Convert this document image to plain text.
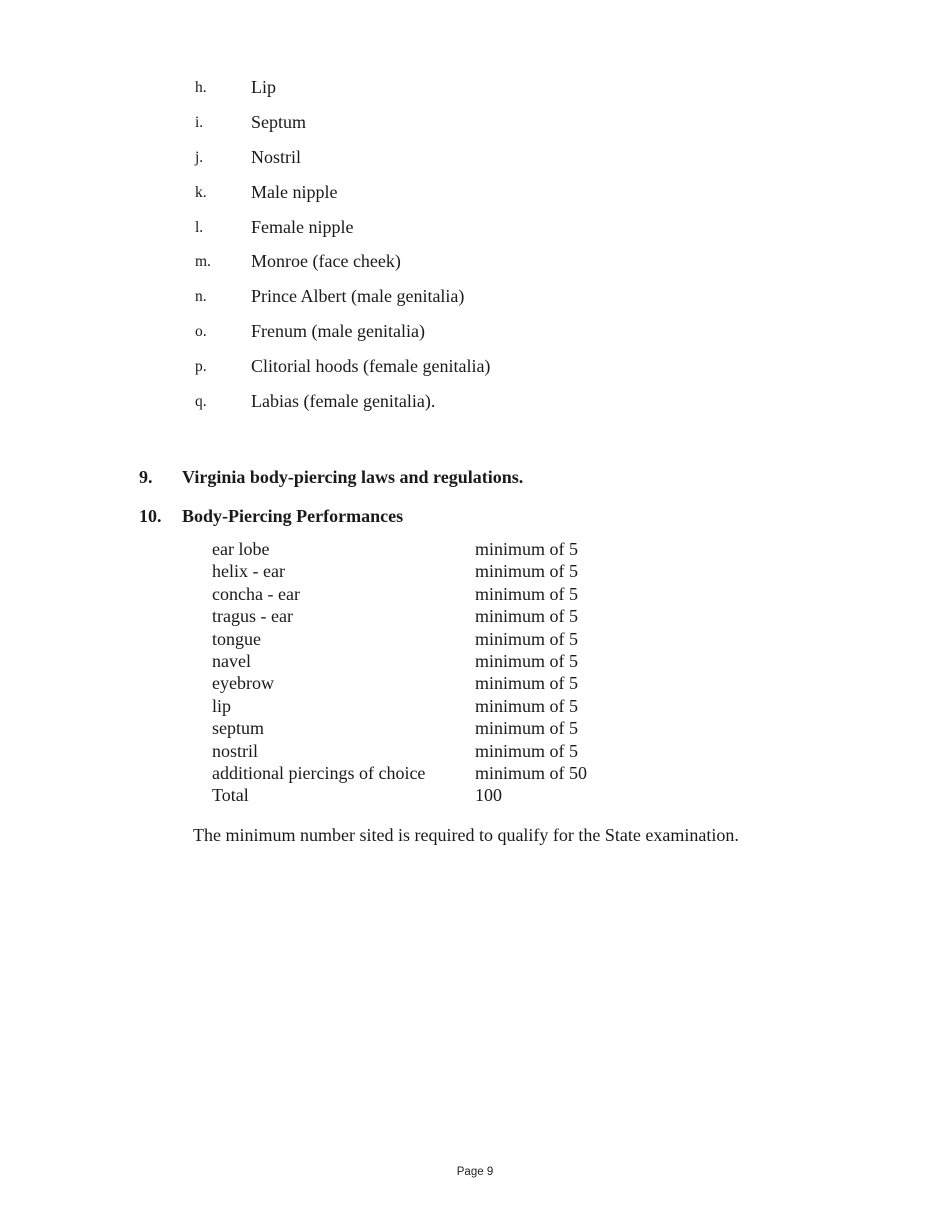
h. Lip
i.	Septum
j.	Nostril
k. Male nipple
l.	Female nipple
m. Monroe (face cheek)
n. Prince Albert (male genitalia)
o. Frenum (male genitalia)
p. Clitorial hoods (female genitalia)
q. Labias (female genitalia).
9. Virginia body-piercing laws and regulations.
10. Body-Piercing Performances
ear lobe	minimum of 5
helix - ear	minimum of 5
concha - ear	minimum of 5
tragus - ear	minimum of 5
tongue	minimum of 5
navel	minimum of 5
eyebrow	minimum of 5
lip	minimum of 5
septum	minimum of 5
nostril	minimum of 5
additional piercings of choice	minimum of 50
Total	100
The minimum number sited is required to qualify for the State examination.
Page 9
